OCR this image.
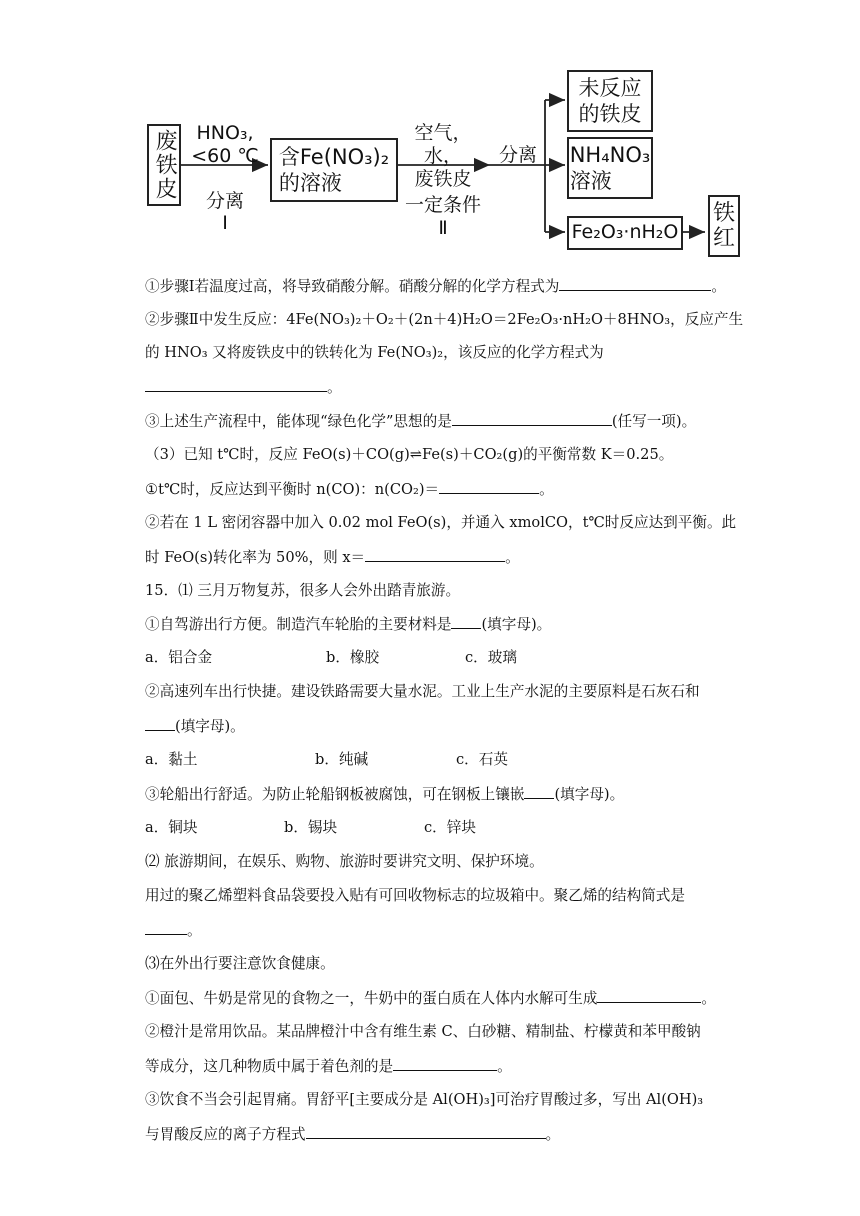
废铁皮	HNO₃,
<60 ℃
分离
Ⅰ
含Fe(NO₃)₂
的溶液
空气，水，
废铁皮
一定条件
Ⅱ
分离
未反应
的铁皮
NH₄NO₃
溶液
Fe₂O₃·nH₂O
铁
红
①步骤Ⅰ若温度过高，将导致硝酸分解。硝酸分解的化学方程式为	。
②步骤Ⅱ中发生反应：4Fe(NO₃)₂＋O₂＋(2n＋4)H₂O＝2Fe₂O₃·nH₂O＋8HNO₃，反应产生
的 HNO₃ 又将废铁皮中的铁转化为 Fe(NO₃)₂，该反应的化学方程式为
。
③上述生产流程中，能体现“绿色化学”思想的是	(任写一项)。
（3）已知 t℃时，反应 FeO(s)＋CO(g)⇌Fe(s)＋CO₂(g)的平衡常数 K＝0.25。
①t℃时，反应达到平衡时 n(CO)：n(CO₂)＝	。
②若在 1 L 密闭容器中加入 0.02 mol FeO(s)，并通入 xmolCO，t℃时反应达到平衡。此
时 FeO(s)转化率为 50%，则 x＝	。
15．⑴ 三月万物复苏，很多人会外出踏青旅游。
①自驾游出行方便。制造汽车轮胎的主要材料是 (填字母)。
a．铝合金	b．橡胶	c．玻璃
②高速列车出行快捷。建设铁路需要大量水泥。工业上生产水泥的主要原料是石灰石和
(填字母)。
a．黏土	b．纯碱	c．石英
③轮船出行舒适。为防止轮船钢板被腐蚀，可在钢板上镶嵌 (填字母)。
a．铜块	b．锡块	c．锌块
⑵ 旅游期间，在娱乐、购物、旅游时要讲究文明、保护环境。
用过的聚乙烯塑料食品袋要投入贴有可回收物标志的垃圾箱中。聚乙烯的结构简式是
。
⑶在外出行要注意饮食健康。
①面包、牛奶是常见的食物之一，牛奶中的蛋白质在人体内水解可生成	。
②橙汁是常用饮品。某品牌橙汁中含有维生素 C、白砂糖、精制盐、柠檬黄和苯甲酸钠
等成分，这几种物质中属于着色剂的是	。
③饮食不当会引起胃痛。胃舒平[主要成分是 Al(OH)₃]可治疗胃酸过多，写出 Al(OH)₃
与胃酸反应的离子方程式	。
